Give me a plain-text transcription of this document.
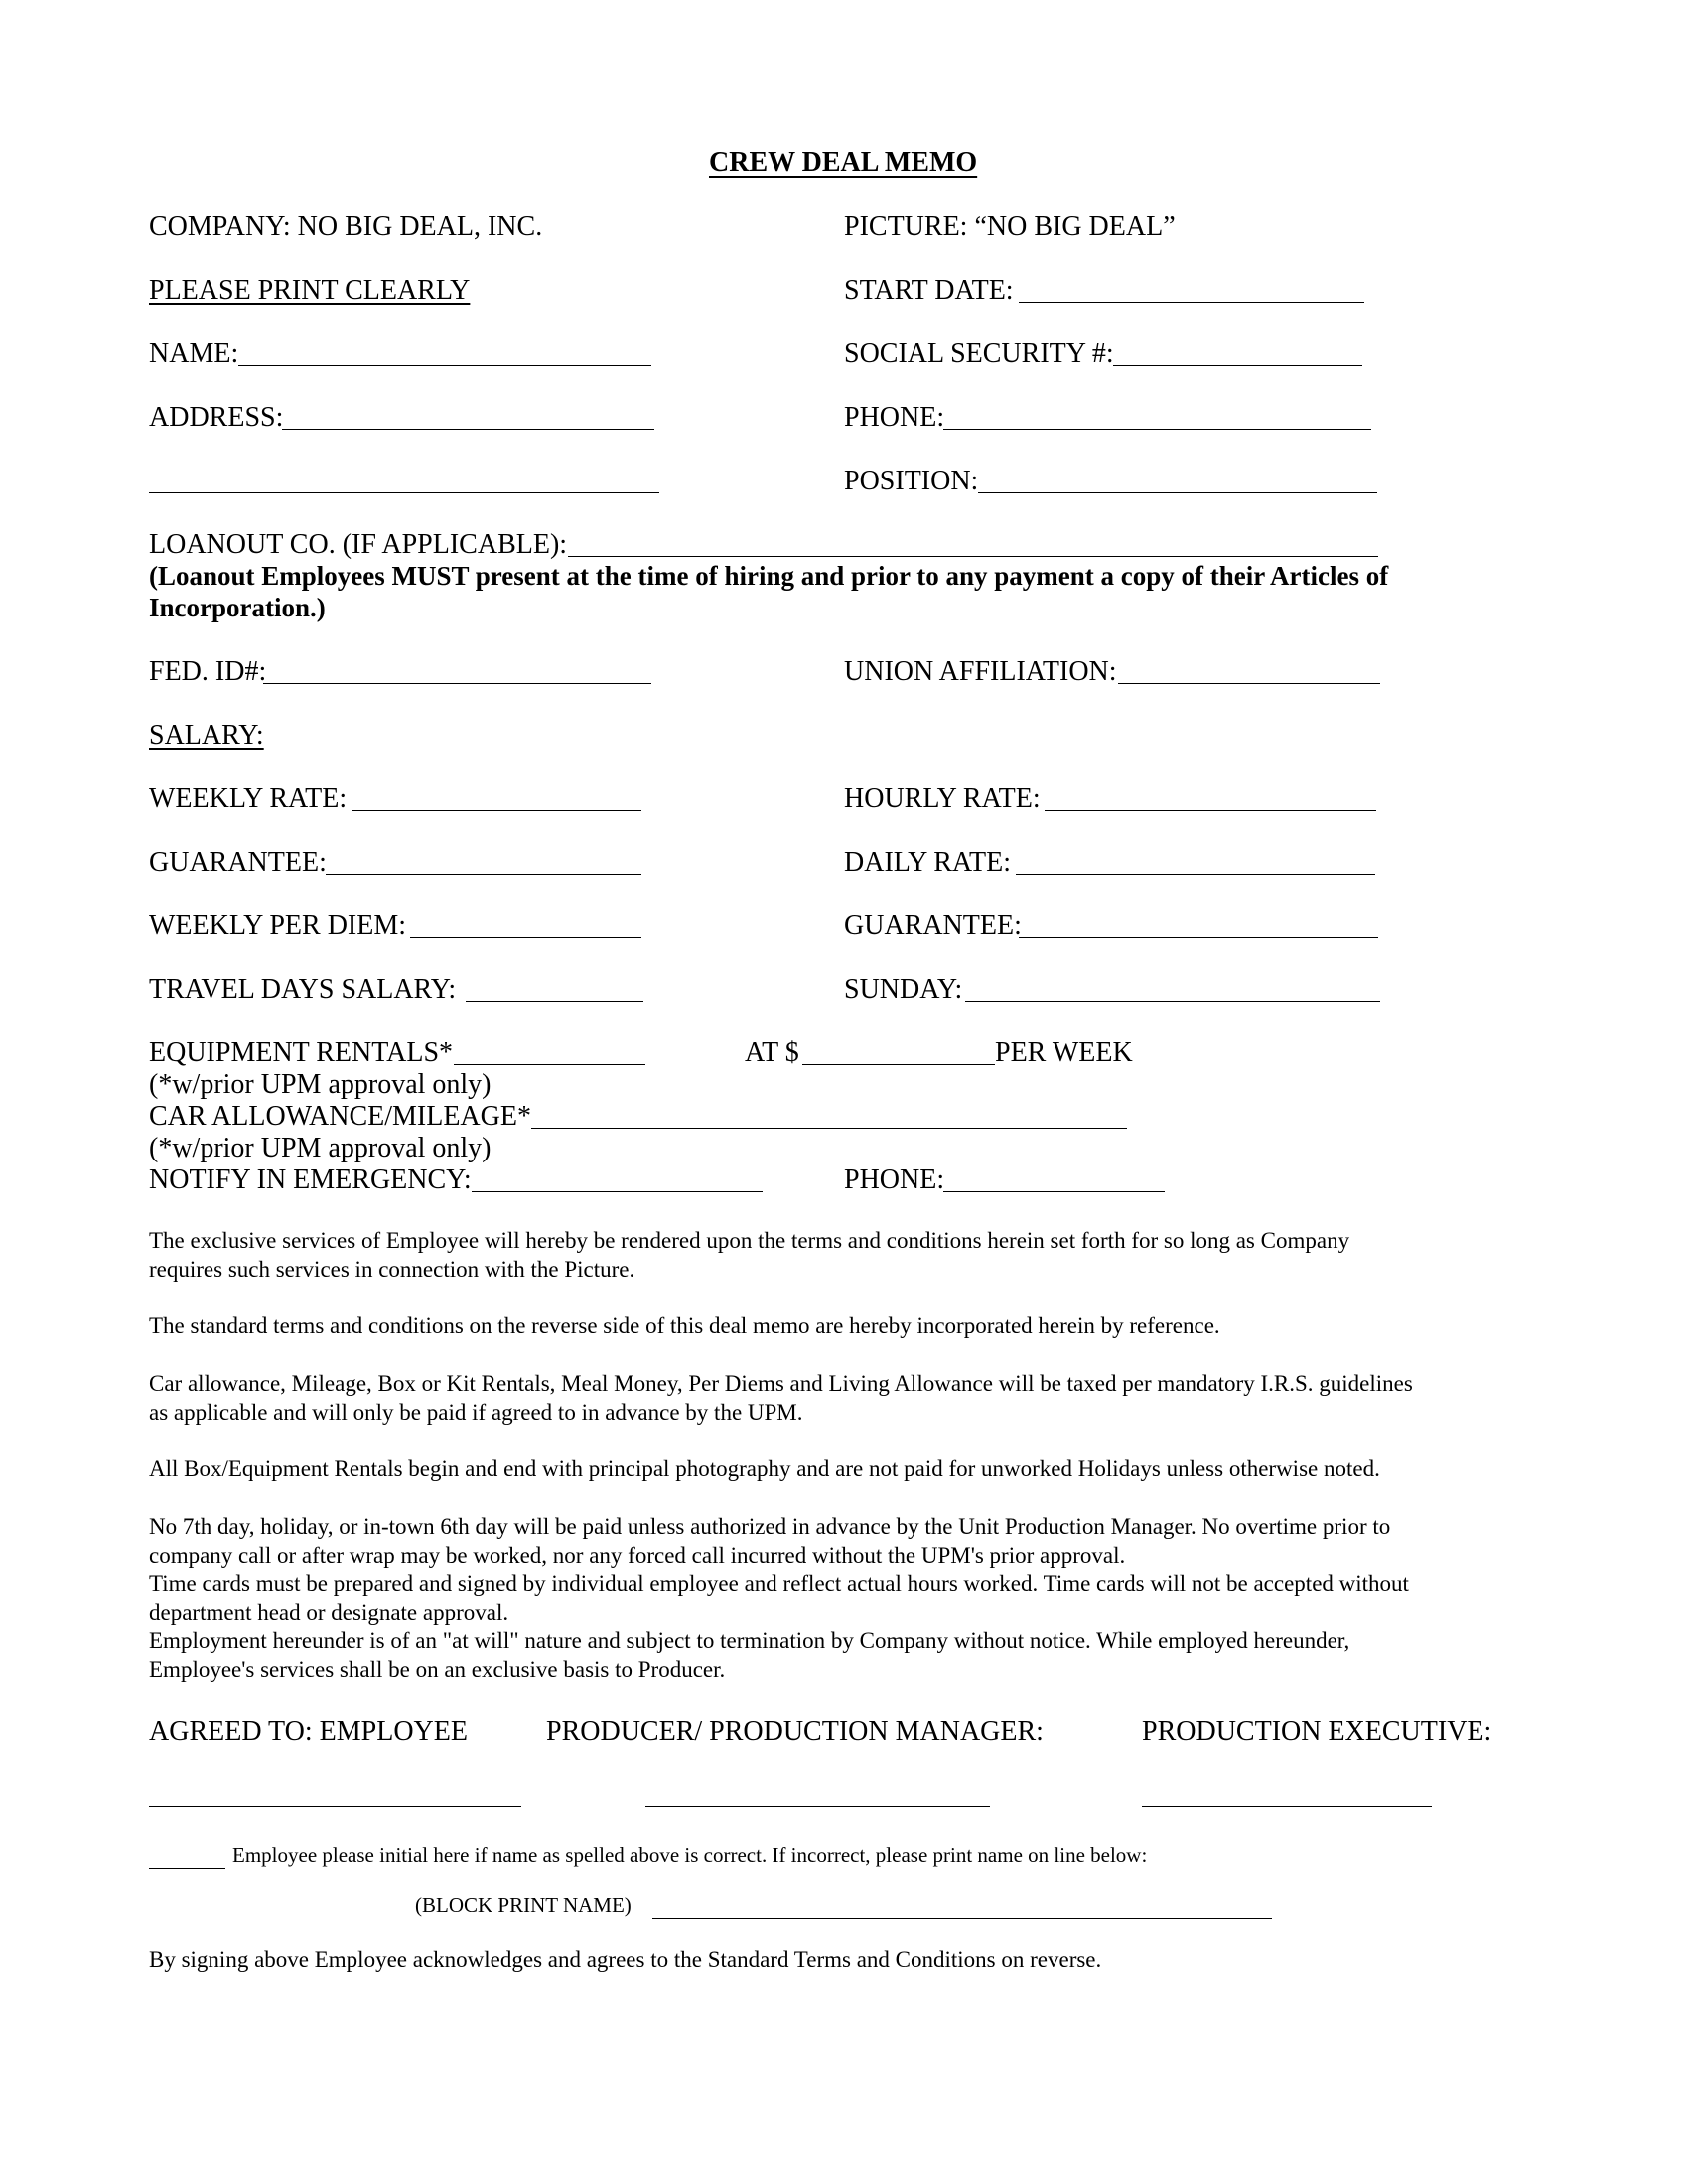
CREW DEAL MEMO
COMPANY: NO BIG DEAL, INC.	PICTURE: “NO BIG DEAL”
PLEASE PRINT CLEARLY	START DATE:
NAME:	SOCIAL SECURITY #:
ADDRESS:	PHONE:
POSITION:
LOANOUT CO. (IF APPLICABLE):
(Loanout Employees MUST present at the time of hiring and prior to any payment a copy of their Articles of
Incorporation.)
FED. ID#:	UNION AFFILIATION:
SALARY:
WEEKLY RATE:	HOURLY RATE:
GUARANTEE:	DAILY RATE:
WEEKLY PER DIEM:	GUARANTEE:
TRAVEL DAYS SALARY:	SUNDAY:
EQUIPMENT RENTALS*	AT $	PER WEEK
(*w/prior UPM approval only)
CAR ALLOWANCE/MILEAGE*
(*w/prior UPM approval only)
NOTIFY IN EMERGENCY:	PHONE:
The exclusive services of Employee will hereby be rendered upon the terms and conditions herein set forth for so long as Company
requires such services in connection with the Picture.
The standard terms and conditions on the reverse side of this deal memo are hereby incorporated herein by reference.
Car allowance, Mileage, Box or Kit Rentals, Meal Money, Per Diems and Living Allowance will be taxed per mandatory I.R.S. guidelines
as applicable and will only be paid if agreed to in advance by the UPM.
All Box/Equipment Rentals begin and end with principal photography and are not paid for unworked Holidays unless otherwise noted.
No 7th day, holiday, or in-town 6th day will be paid unless authorized in advance by the Unit Production Manager. No overtime prior to
company call or after wrap may be worked, nor any forced call incurred without the UPM's prior approval.
Time cards must be prepared and signed by individual employee and reflect actual hours worked. Time cards will not be accepted without
department head or designate approval.
Employment hereunder is of an "at will" nature and subject to termination by Company without notice. While employed hereunder,
Employee's services shall be on an exclusive basis to Producer.
AGREED TO: EMPLOYEE	PRODUCER/ PRODUCTION MANAGER:	PRODUCTION EXECUTIVE:
Employee please initial here if name as spelled above is correct. If incorrect, please print name on line below:
(BLOCK PRINT NAME)
By signing above Employee acknowledges and agrees to the Standard Terms and Conditions on reverse.
